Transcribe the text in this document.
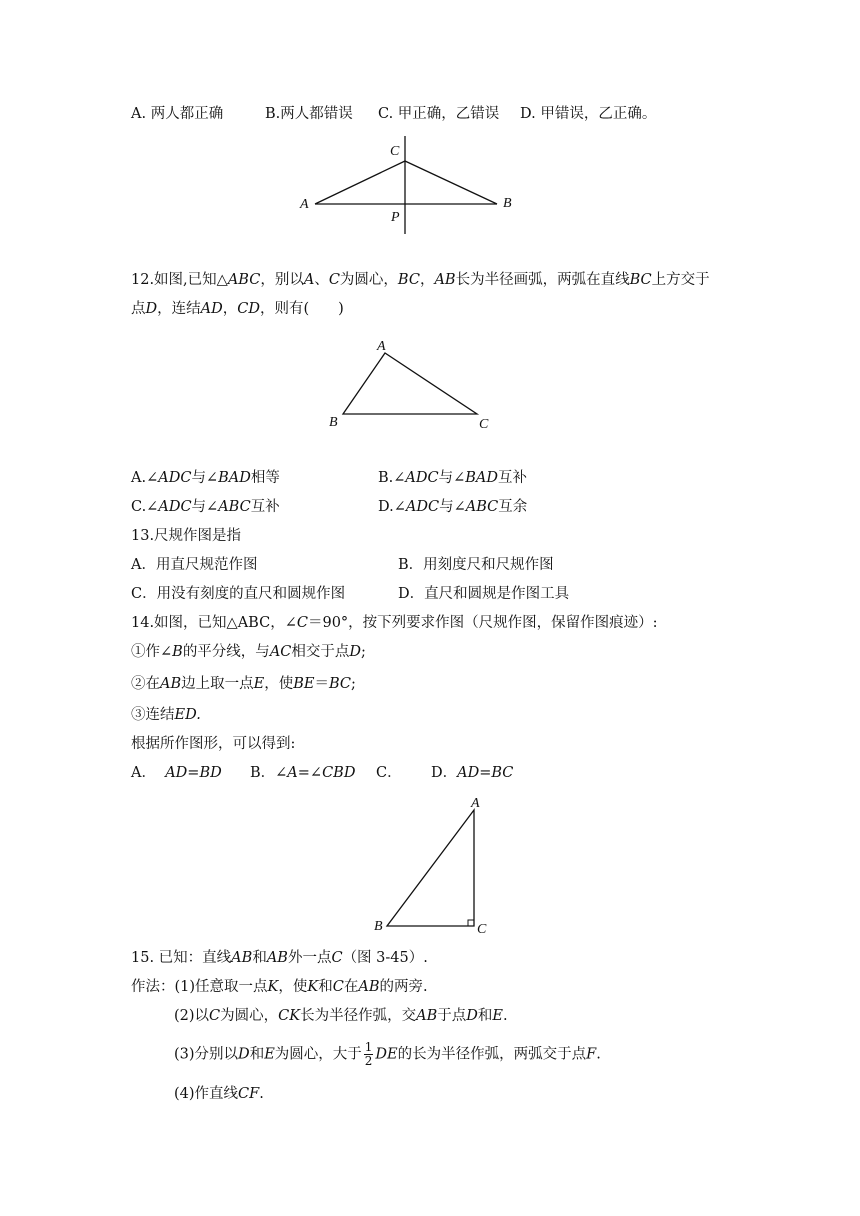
A. 两人都正确	B.两人都错误 C. 甲正确，乙错误 D. 甲错误，乙正确。
A	B
C
P

12.如图,已知△ABC，别以A、C为圆心，BC，AB长为半径画弧，两弧在直线BC上方交于

点D，连结AD，CD，则有(　　)

A
B	C
A.∠ADC与∠BAD相等	B.∠ADC与∠BAD互补
C.∠ADC与∠ABC互补	D.∠ADC与∠ABC互余

13.尺规作图是指

A．用直尺规范作图	B．用刻度尺和尺规作图
C．用没有刻度的直尺和圆规作图	D．直尺和圆规是作图工具

14.如图，已知△ABC，∠C＝90°，按下列要求作图（尺规作图，保留作图痕迹）:

①作∠B的平分线，与AC相交于点D;

②在AB边上取一点E，使BE＝BC;

③连结ED.

根据所作图形，可以得到:

A． AD=BD B．∠A=∠CBD C． D．AD=BC
A
B	C

15. 已知：直线AB和AB外一点C（图 3-45）.

作法：(1)任意取一点K，使K和C在AB的两旁.

(2)以C为圆心，CK长为半径作弧，交AB于点D和E.

(3)分别以D和E为圆心，大于 $\frac{1}{2}$ DE的长为半径作弧，两弧交于点F.

(4)作直线CF.
